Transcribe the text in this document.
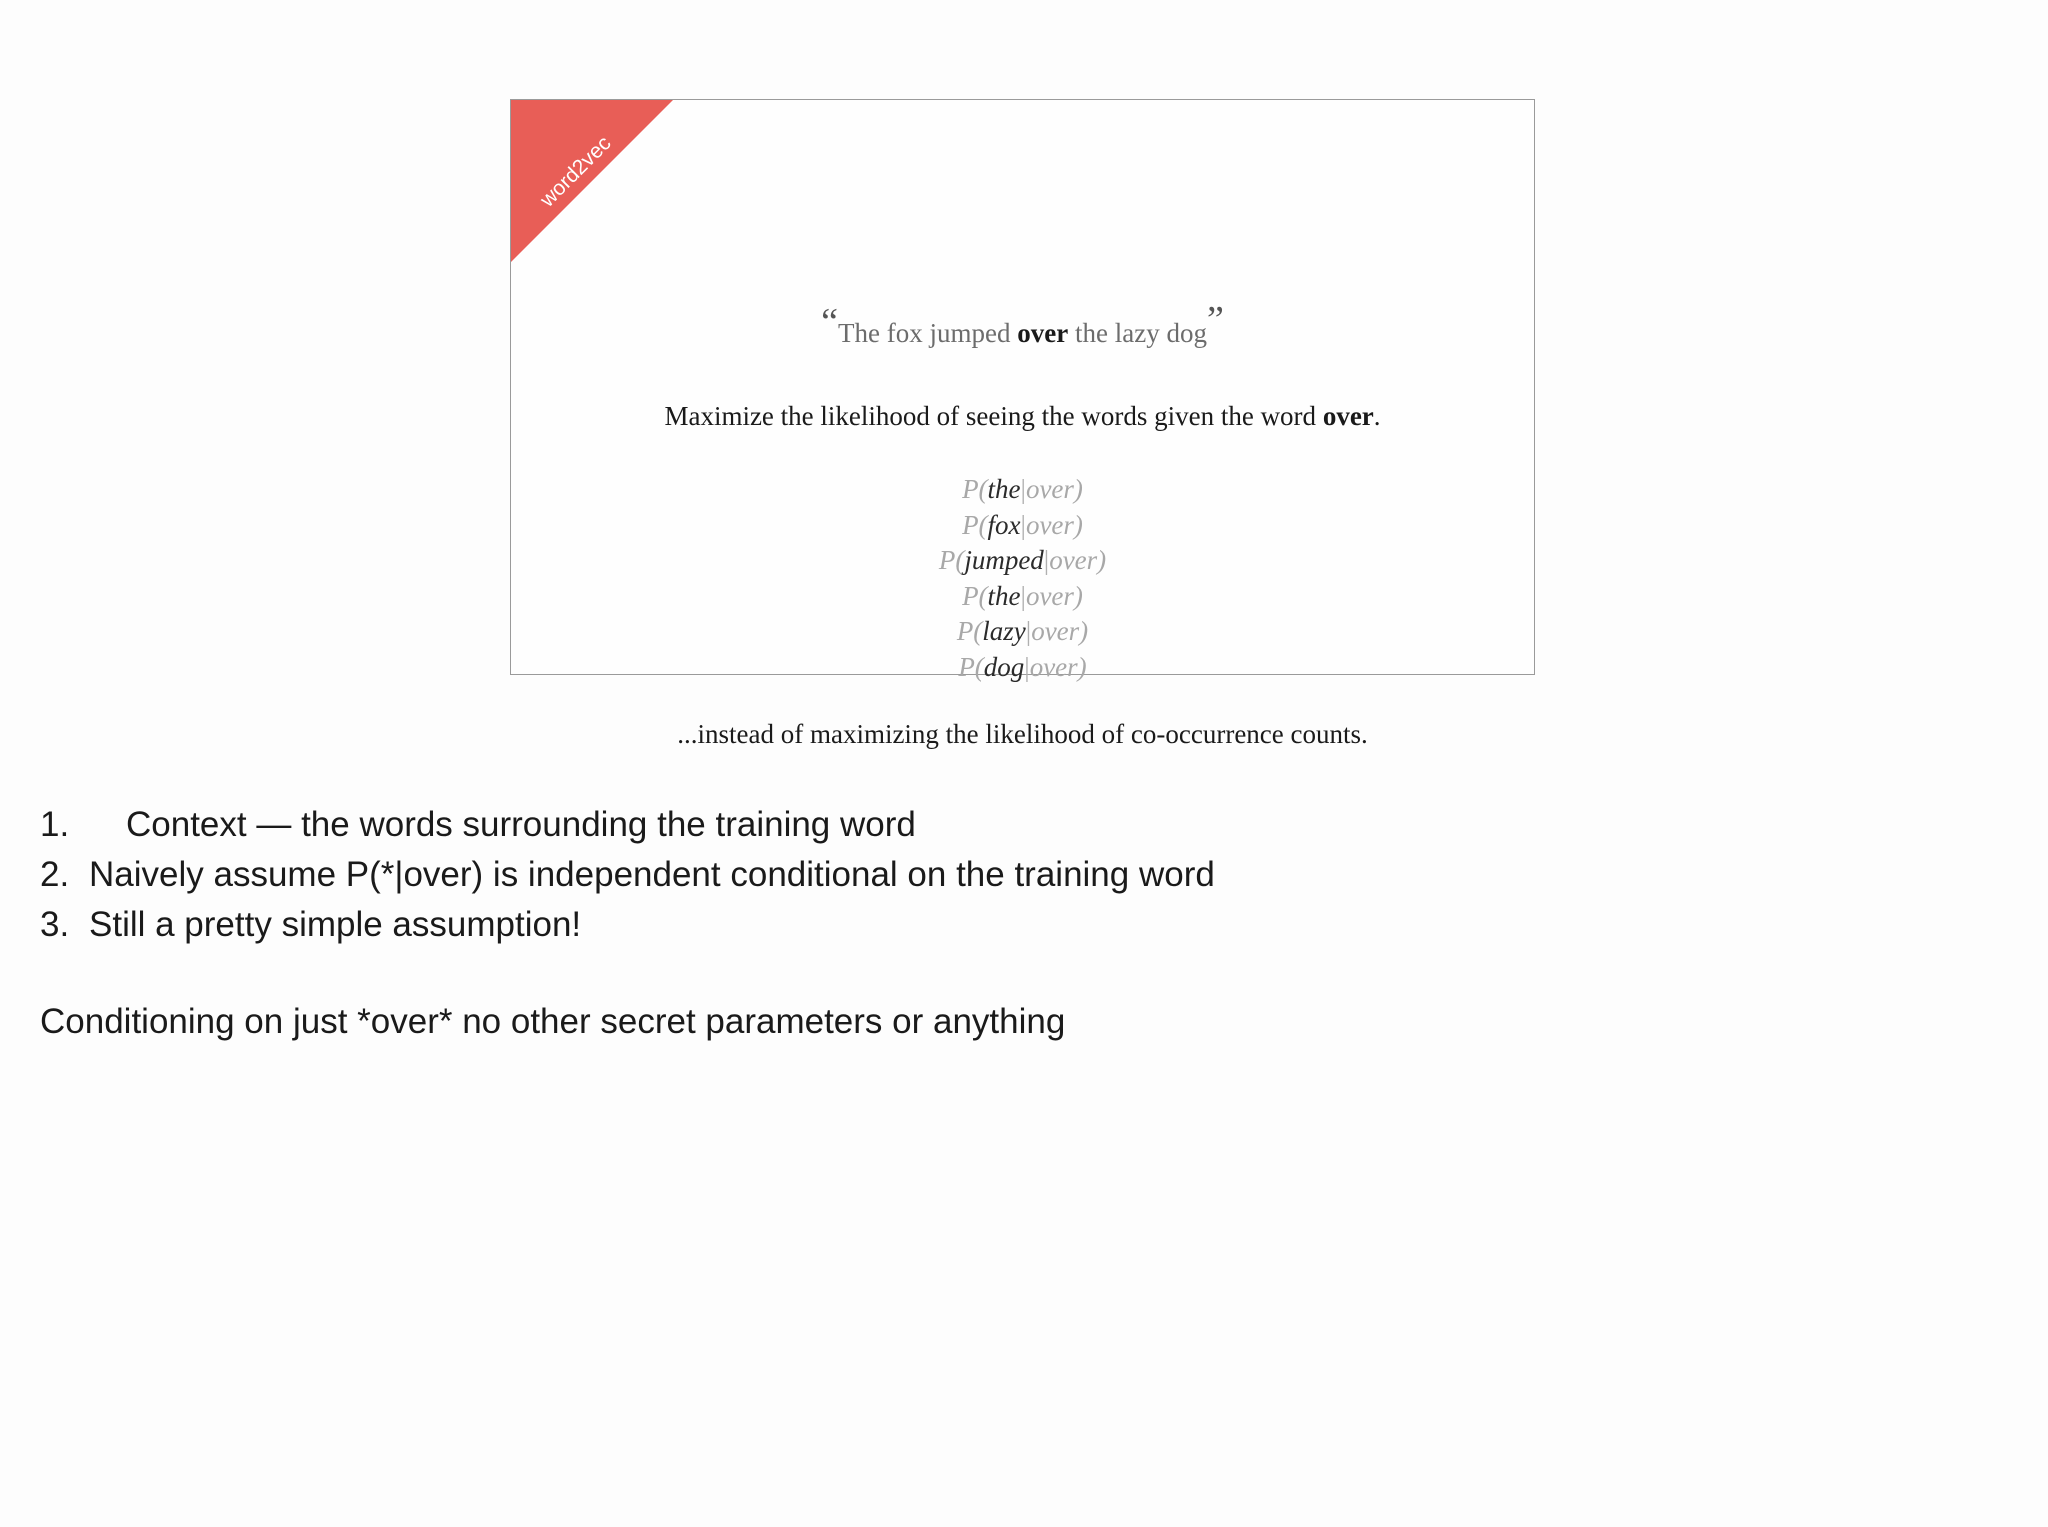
word2vec
“The fox jumped over the lazy dog”
Maximize the likelihood of seeing the words given the word over.
P(the|over)
P(fox|over)
P(jumped|over)
P(the|over)
P(lazy|over)
P(dog|over)
...instead of maximizing the likelihood of co-occurrence counts.
1. Context — the words surrounding the training word
2. Naively assume P(*|over) is independent conditional on the training word
3. Still a pretty simple assumption!
Conditioning on just *over* no other secret parameters or anything
